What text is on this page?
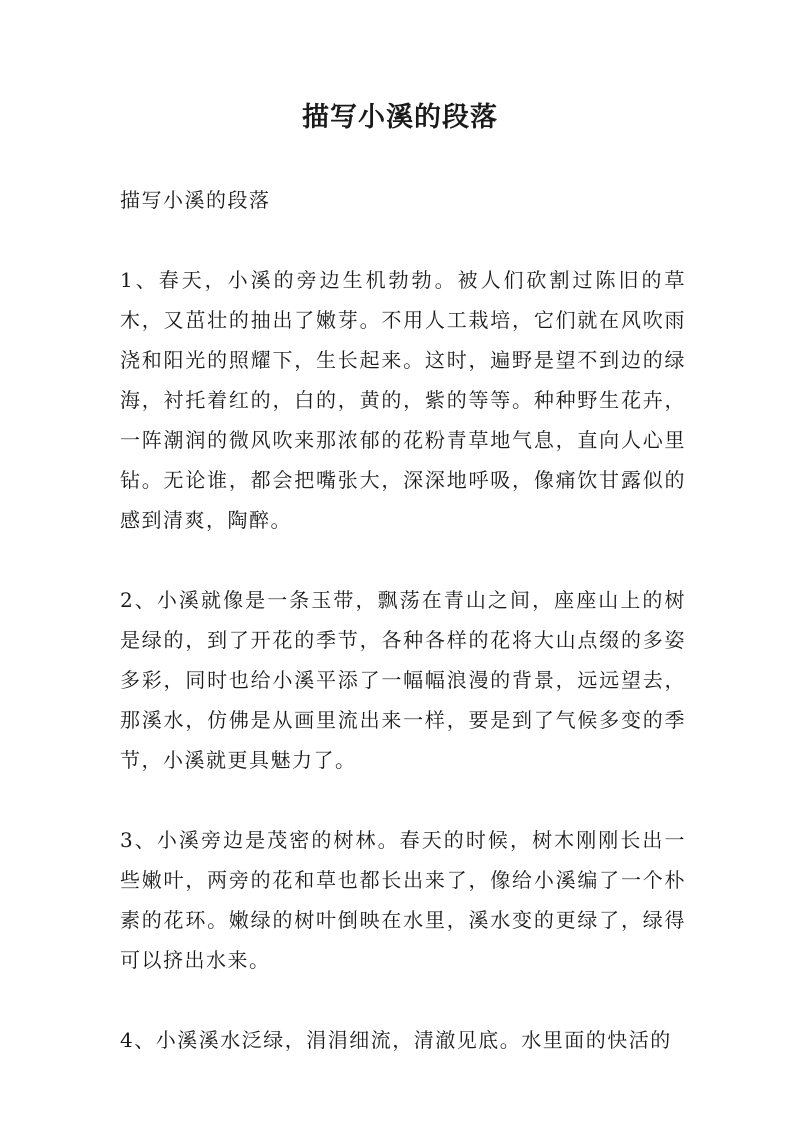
描写小溪的段落

描写小溪的段落

1、春天，小溪的旁边生机勃勃。被人们砍割过陈旧的草木，又茁壮的抽出了嫩芽。不用人工栽培，它们就在风吹雨浇和阳光的照耀下，生长起来。这时，遍野是望不到边的绿海，衬托着红的，白的，黄的，紫的等等。种种野生花卉，一阵潮润的微风吹来那浓郁的花粉青草地气息，直向人心里钻。无论谁，都会把嘴张大，深深地呼吸，像痛饮甘露似的感到清爽，陶醉。

2、小溪就像是一条玉带，飘荡在青山之间，座座山上的树是绿的，到了开花的季节，各种各样的花将大山点缀的多姿多彩，同时也给小溪平添了一幅幅浪漫的背景，远远望去，那溪水，仿佛是从画里流出来一样，要是到了气候多变的季节，小溪就更具魅力了。

3、小溪旁边是茂密的树林。春天的时候，树木刚刚长出一些嫩叶，两旁的花和草也都长出来了，像给小溪编了一个朴素的花环。嫩绿的树叶倒映在水里，溪水变的更绿了，绿得可以挤出水来。

4、小溪溪水泛绿，涓涓细流，清澈见底。水里面的快活的
